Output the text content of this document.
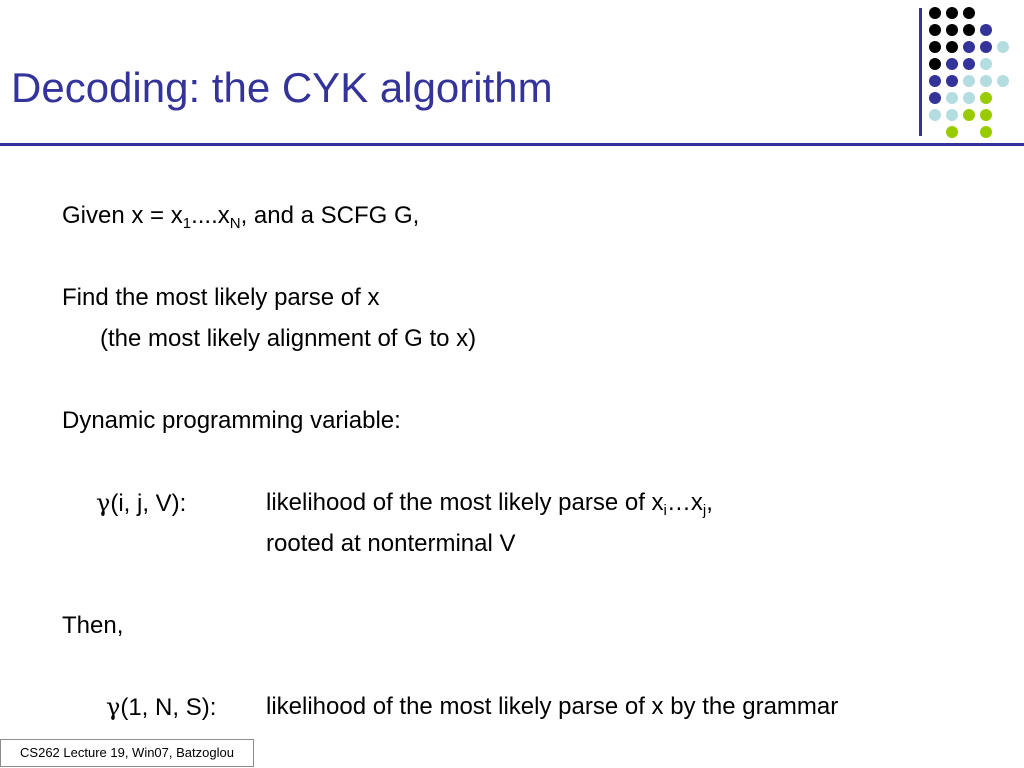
Decoding: the CYK algorithm
Given $x = x_1....x_N$, and a SCFG G,
Find the most likely parse of x
(the most likely alignment of G to x)
Dynamic programming variable:
γ(i, j, V):	likelihood of the most likely parse of $x_i\dots x_j$,
rooted at nonterminal V
Then,
γ(1, N, S): likelihood of the most likely parse of x by the grammar
CS262 Lecture 19, Win07, Batzoglou
